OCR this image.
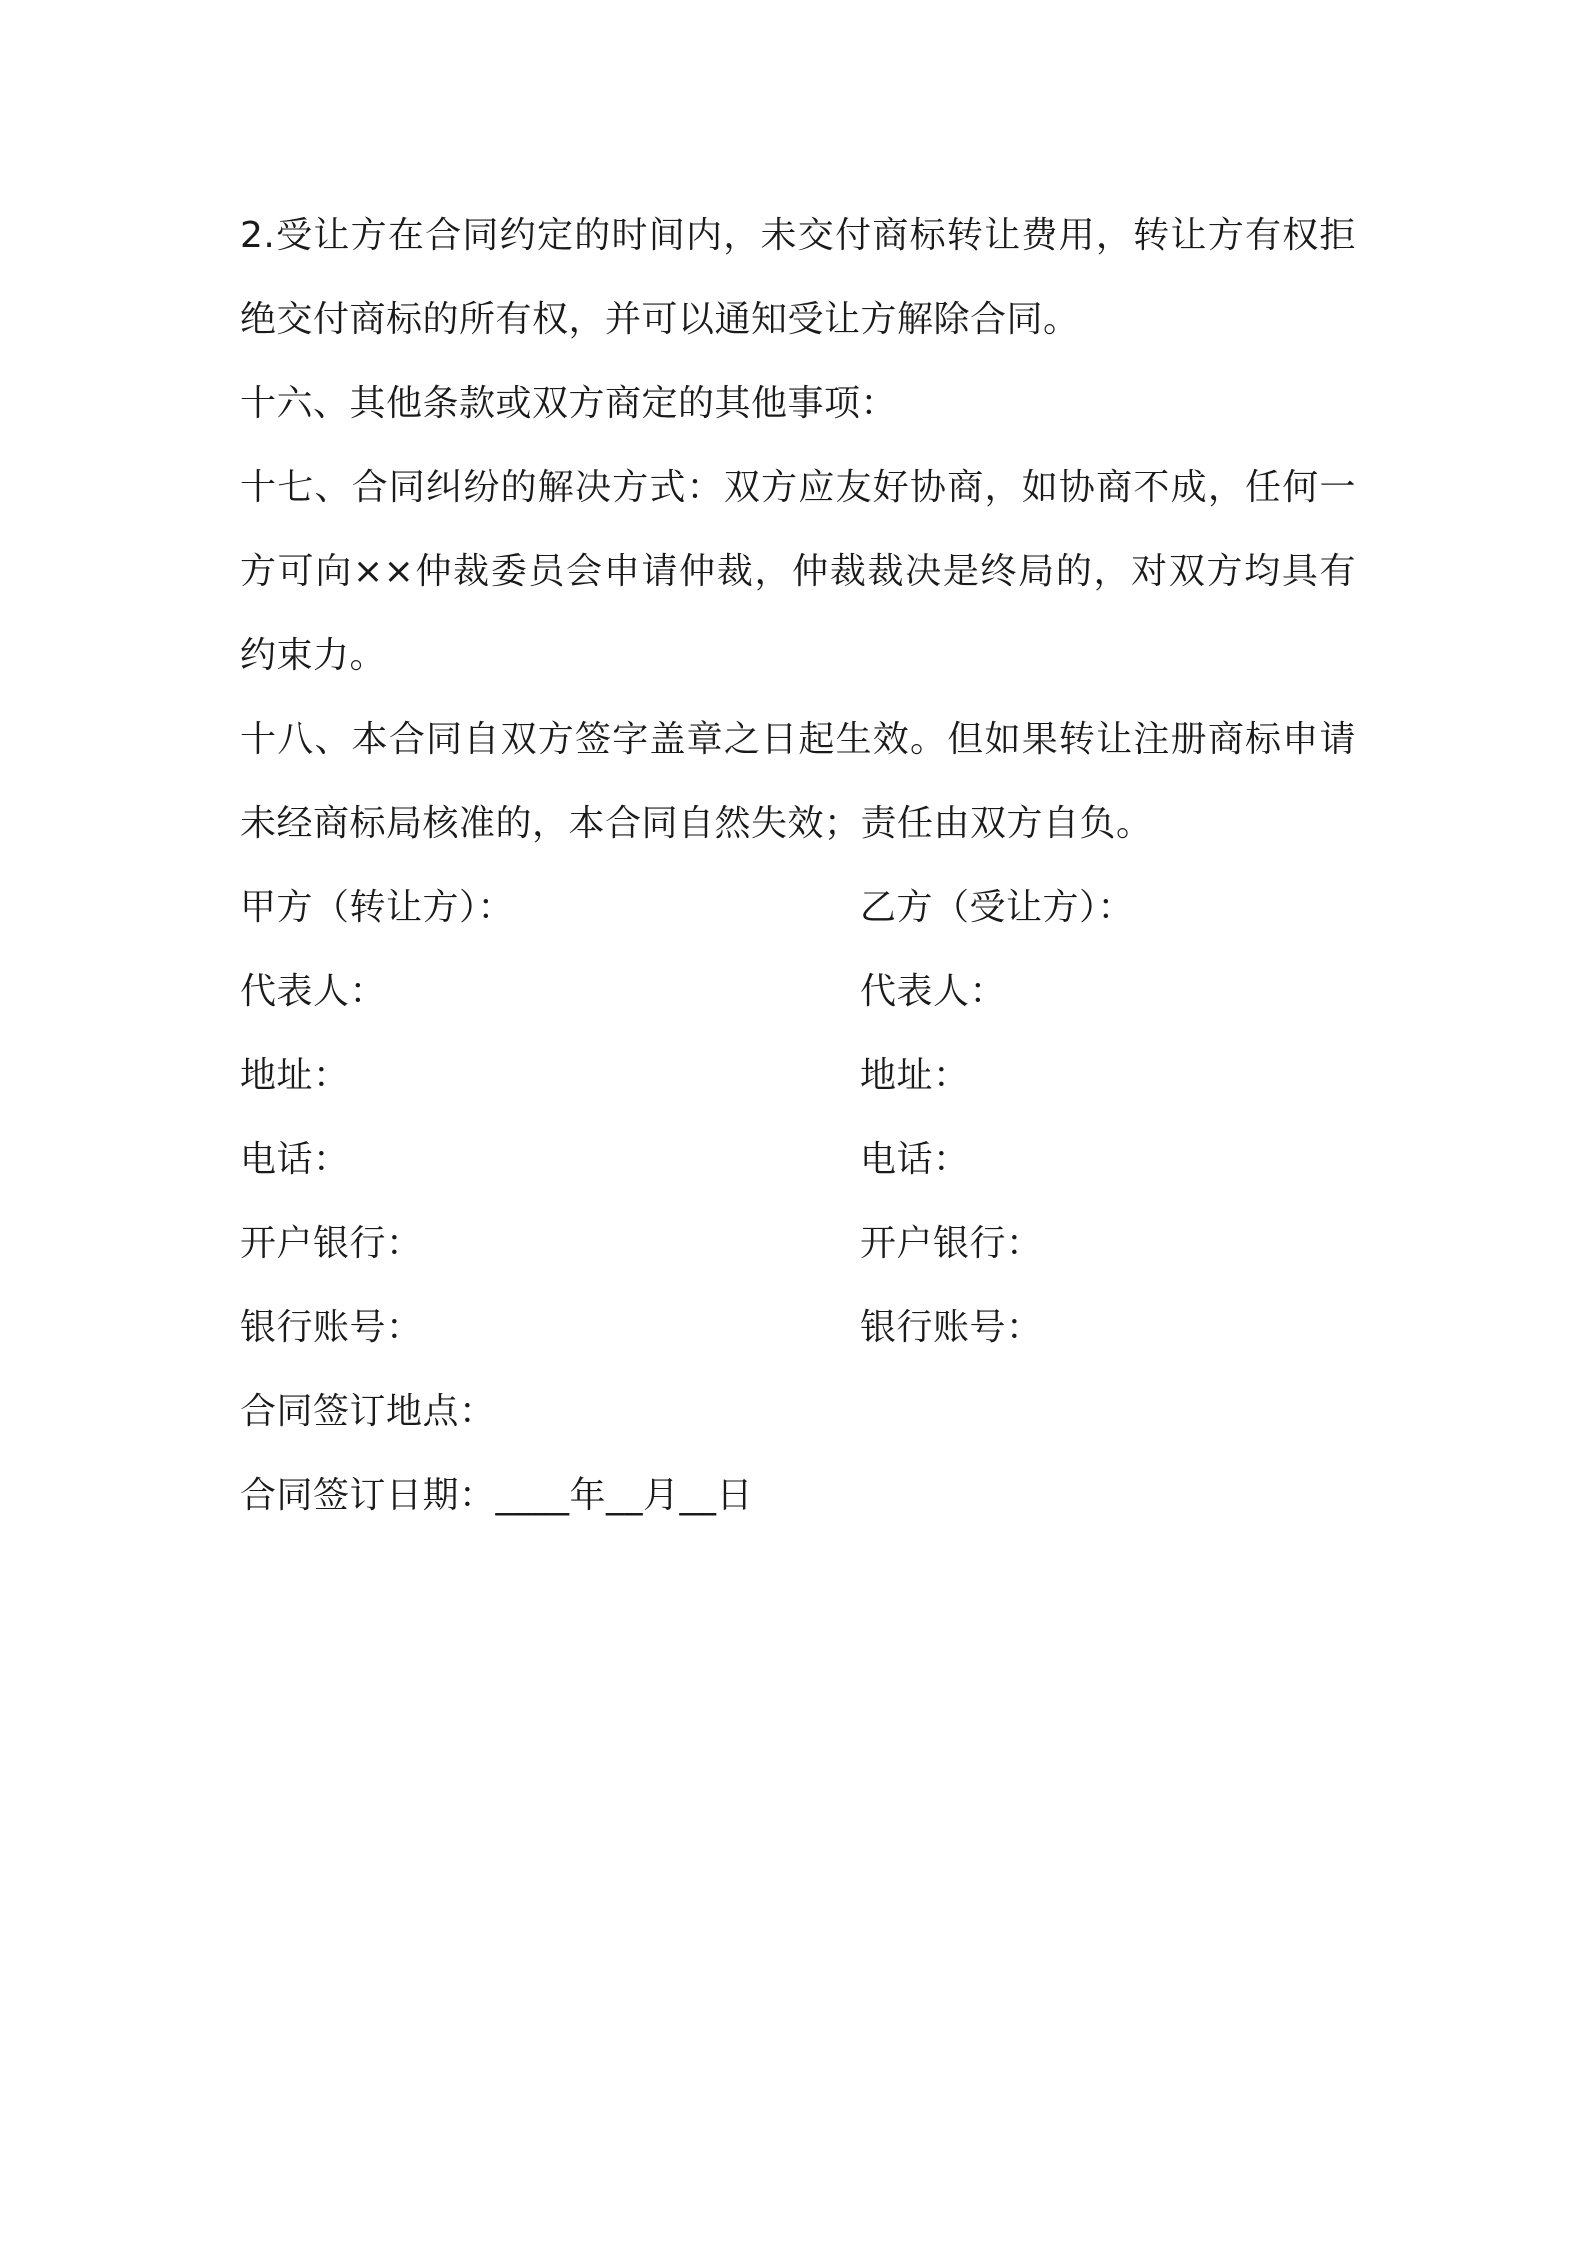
2.受让方在合同约定的时间内，未交付商标转让费用，转让方有权拒
绝交付商标的所有权，并可以通知受让方解除合同。
十六、其他条款或双方商定的其他事项：
十七、合同纠纷的解决方式：双方应友好协商，如协商不成，任何一
方可向××仲裁委员会申请仲裁，仲裁裁决是终局的，对双方均具有
约束力。
十八、本合同自双方签字盖章之日起生效。但如果转让注册商标申请
未经商标局核准的，本合同自然失效；责任由双方自负。
甲方（转让方）：	乙方（受让方）：
代表人：	代表人：
地址：	地址：
电话：	电话：
开户银行：	开户银行：
银行账号：	银行账号：
合同签订地点：
合同签订日期：____年__月__日
